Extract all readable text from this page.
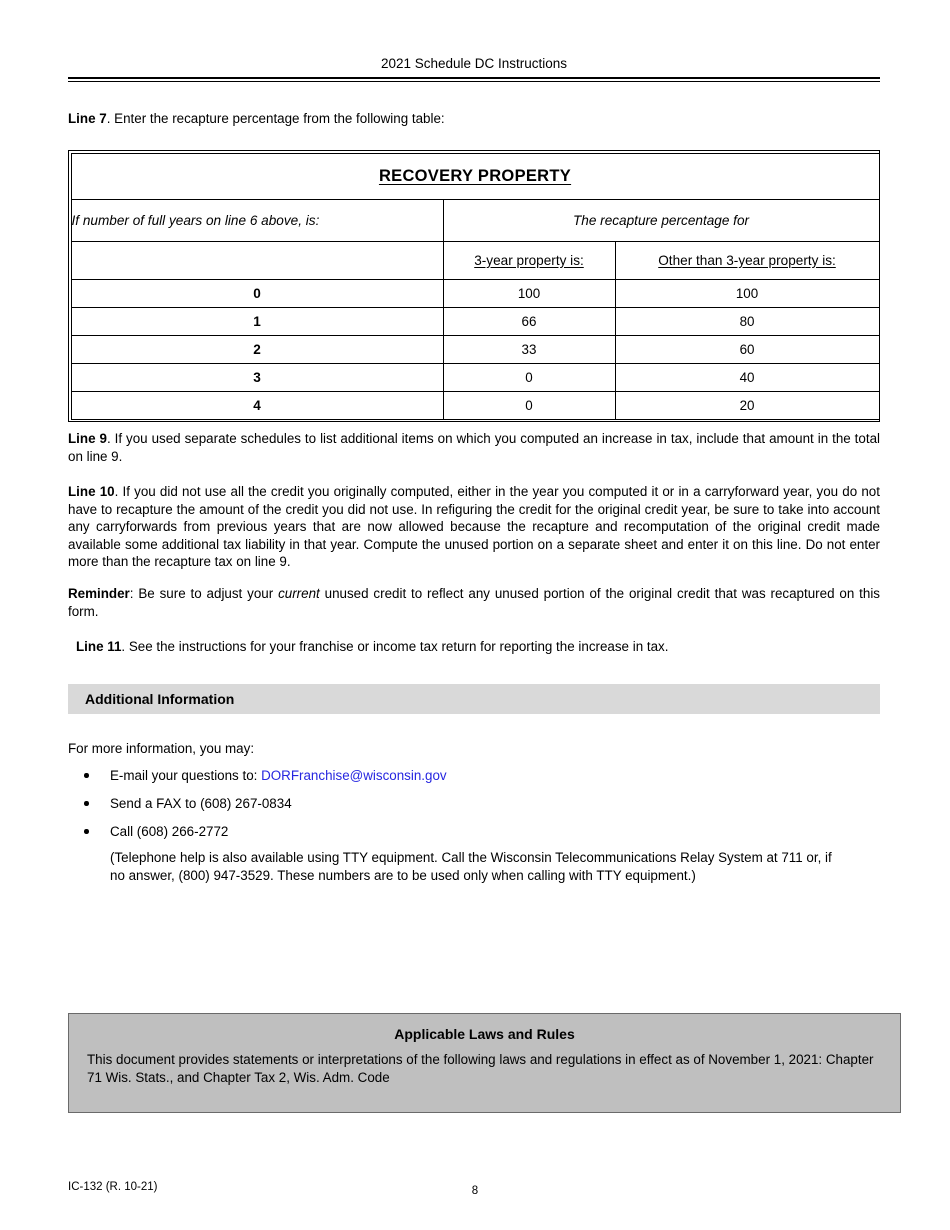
2021 Schedule DC Instructions
Line 7. Enter the recapture percentage from the following table:
RECOVERY PROPERTY		
If number of full years on line 6 above, is:	The recapture percentage for	
	3-year property is:	Other than 3-year property is:
0	100	100
1	66	80
2	33	60
3	0	40
4	0	20
Line 9. If you used separate schedules to list additional items on which you computed an increase in tax, include that amount in the total on line 9.
Line 10. If you did not use all the credit you originally computed, either in the year you computed it or in a carryforward year, you do not have to recapture the amount of the credit you did not use. In refiguring the credit for the original credit year, be sure to take into account any carryforwards from previous years that are now allowed because the recapture and recomputation of the original credit made available some additional tax liability in that year. Compute the unused portion on a separate sheet and enter it on this line. Do not enter more than the recapture tax on line 9.
Reminder: Be sure to adjust your current unused credit to reflect any unused portion of the original credit that was recaptured on this form.
Line 11. See the instructions for your franchise or income tax return for reporting the increase in tax.
Additional Information
For more information, you may:
E-mail your questions to: DORFranchise@wisconsin.gov
Send a FAX to (608) 267-0834
Call (608) 266-2772
(Telephone help is also available using TTY equipment. Call the Wisconsin Telecommunications Relay System at 711 or, if no answer, (800) 947-3529. These numbers are to be used only when calling with TTY equipment.)
Applicable Laws and Rules
This document provides statements or interpretations of the following laws and regulations in effect as of November 1, 2021: Chapter 71 Wis. Stats., and Chapter Tax 2, Wis. Adm. Code
IC-132 (R. 10-21)	8
